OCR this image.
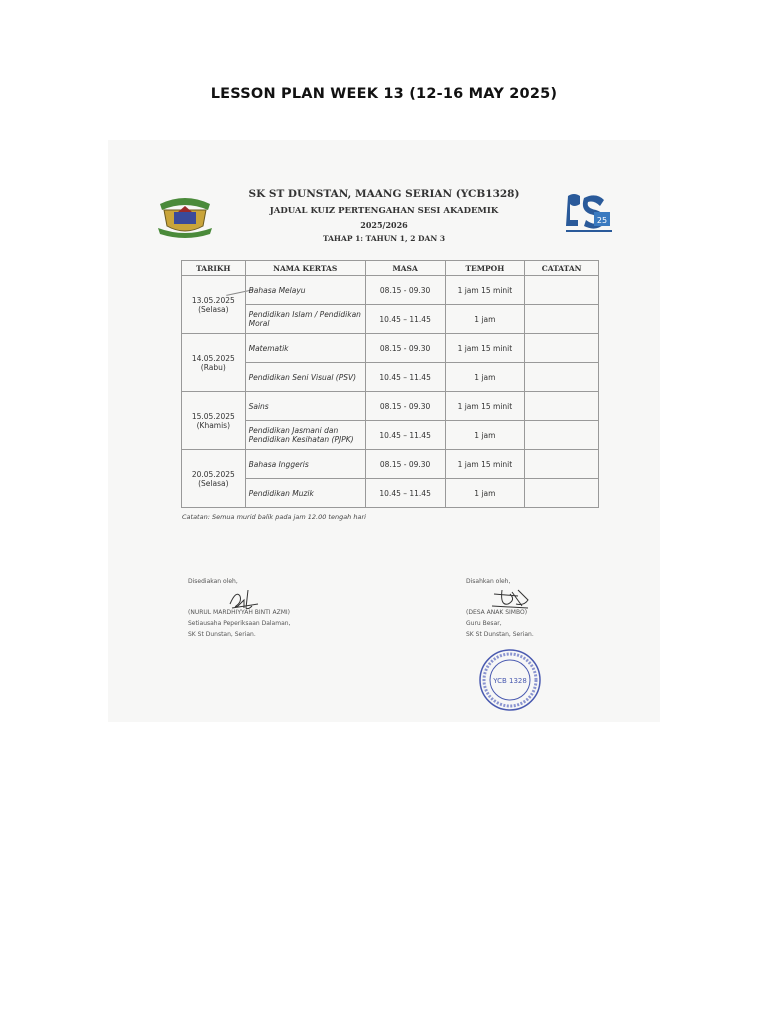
LESSON PLAN WEEK 13 (12-16 MAY 2025)
25
SK ST DUNSTAN, MAANG SERIAN (YCB1328)
JADUAL KUIZ PERTENGAHAN SESI AKADEMIK
2025/2026
TAHAP 1: TAHUN 1, 2 DAN 3
TARIKH	NAMA KERTAS	MASA	TEMPOH	CATATAN

13.05.2025
(Selasa)	Bahasa Melayu	08.15 - 09.30	1 jam 15 minit	
	Pendidikan Islam / Pendidikan Moral	10.45 – 11.45	1 jam	

14.05.2025
(Rabu)	Matematik	08.15 - 09.30	1 jam 15 minit	
	Pendidikan Seni Visual (PSV)	10.45 – 11.45	1 jam	

15.05.2025
(Khamis)	Sains	08.15 - 09.30	1 jam 15 minit	
	Pendidikan Jasmani dan Pendidikan Kesihatan (PJPK)	10.45 – 11.45	1 jam	

20.05.2025
(Selasa)	Bahasa Inggeris	08.15 - 09.30	1 jam 15 minit	
	Pendidikan Muzik	10.45 – 11.45	1 jam	
Catatan: Semua murid balik pada jam 12.00 tengah hari
Disediakan oleh,
(NURUL MARDHIYYAH BINTI AZMI)
Setiausaha Peperiksaan Dalaman,
SK St Dunstan, Serian.
Disahkan oleh,
(DESA ANAK SIMBO)
Guru Besar,
SK St Dunstan, Serian.
YCB 1328
